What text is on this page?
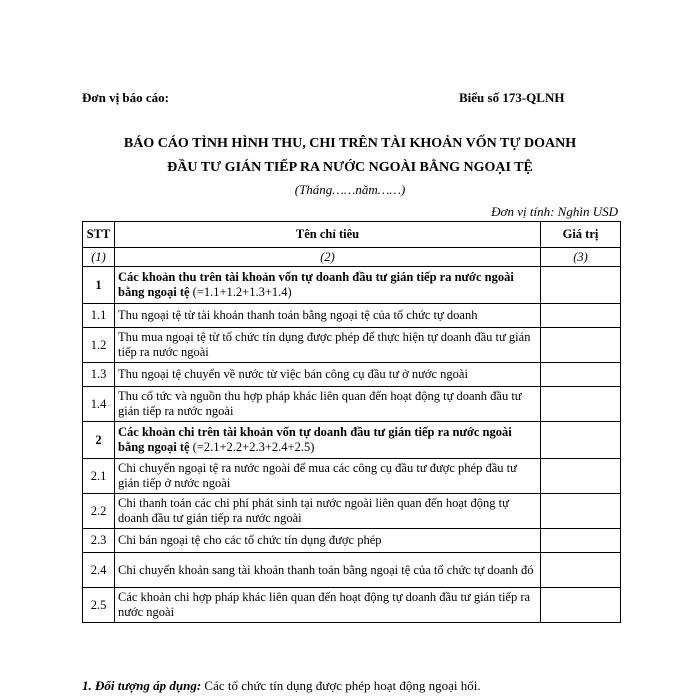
Đơn vị báo cáo:	Biểu số 173-QLNH
BÁO CÁO TÌNH HÌNH THU, CHI TRÊN TÀI KHOẢN VỐN TỰ DOANH
ĐẦU TƯ GIÁN TIẾP RA NƯỚC NGOÀI BẰNG NGOẠI TỆ
(Tháng……năm……)
Đơn vị tính: Nghìn USD
STT	Tên chỉ tiêu	Giá trị
(1)	(2)	(3)
1	Các khoản thu trên tài khoản vốn tự doanh đầu tư gián tiếp ra nước ngoài bằng ngoại tệ (=1.1+1.2+1.3+1.4)	
1.1	Thu ngoại tệ từ tài khoản thanh toán bằng ngoại tệ của tổ chức tự doanh	
1.2	Thu mua ngoại tệ từ tổ chức tín dụng được phép để thực hiện tự doanh đầu tư gián tiếp ra nước ngoài	
1.3	Thu ngoại tệ chuyển về nước từ việc bán công cụ đầu tư ở nước ngoài	
1.4	Thu cổ tức và nguồn thu hợp pháp khác liên quan đến hoạt động tự doanh đầu tư gián tiếp ra nước ngoài	
2	Các khoản chi trên tài khoản vốn tự doanh đầu tư gián tiếp ra nước ngoài bằng ngoại tệ (=2.1+2.2+2.3+2.4+2.5)	
2.1	Chi chuyển ngoại tệ ra nước ngoài để mua các công cụ đầu tư được phép đầu tư gián tiếp ở nước ngoài	
2.2	Chi thanh toán các chi phí phát sinh tại nước ngoài liên quan đến hoạt động tự doanh đầu tư gián tiếp ra nước ngoài	
2.3	Chi bán ngoại tệ cho các tổ chức tín dụng được phép	
2.4	Chi chuyển khoản sang tài khoản thanh toán bằng ngoại tệ của tổ chức tự doanh đó	
2.5	Các khoản chi hợp pháp khác liên quan đến hoạt động tự doanh đầu tư gián tiếp ra nước ngoài	
1. Đối tượng áp dụng: Các tổ chức tín dụng được phép hoạt động ngoại hối.
